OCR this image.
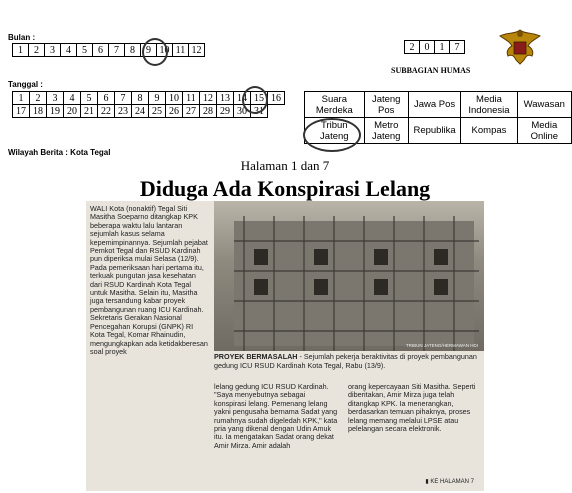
Bulan :
1	2	3	4	5	6	7	8	9	10	11	12	2	0	1	7
SUBBAGIAN HUMAS
Tanggal :
1	2	3	4	5	6	7	8	9	10	11	12	13	14	15	16
17	18	19	20	21	22	23	24	25	26	27	28	29	30	31	
Suara Merdeka	Jateng Pos	Jawa Pos	Media Indonesia	Wawasan
Tribun Jateng	Metro Jateng	Republika	Kompas	Media Online
Wilayah Berita : Kota Tegal
Halaman 1 dan 7
Diduga Ada Konspirasi Lelang
WALI Kota (nonaktif) Tegal Siti Masitha Soeparno ditangkap KPK beberapa waktu lalu lantaran sejumlah kasus selama kepemimpinannya. Sejumlah pejabat Pemkot Tegal dan RSUD Kardinah pun diperiksa mulai Selasa (12/9). Pada pemeriksaan hari pertama itu, terkuak pungutan jasa kesehatan dari RSUD Kardinah Kota Tegal untuk Masitha. Selain itu, Masitha juga tersandung kabar proyek pembangunan ruang ICU Kardinah. Sekretaris Gerakan Nasional Pencegahan Korupsi (GNPK) RI Kota Tegal, Komar Rhainudin, mengungkapkan ada ketidakberesan soal proyek
TRIBUN JATENG/HERMAWAN HDI
PROYEK BERMASALAH - Sejumlah pekerja beraktivitas di proyek pembangunan gedung ICU RSUD Kardinah Kota Tegal, Rabu (13/9).
lelang gedung ICU RSUD Kardinah. "Saya menyebutnya sebagai konspirasi lelang. Pemenang lelang yakni pengusaha bernama Sadat yang rumahnya sudah digeledah KPK," kata pria yang dikenal dengan Udin Amuk itu. Ia mengatakan Sadat orang dekat Amir Mirza. Amir adalah
orang kepercayaan Siti Masitha. Seperti diberitakan, Amir Mirza juga telah ditangkap KPK. Ia menerangkan, berdasarkan temuan pihaknya, proses lelang memang melalui LPSE atau pelelangan secara elektronik.
▮ KE HALAMAN 7
